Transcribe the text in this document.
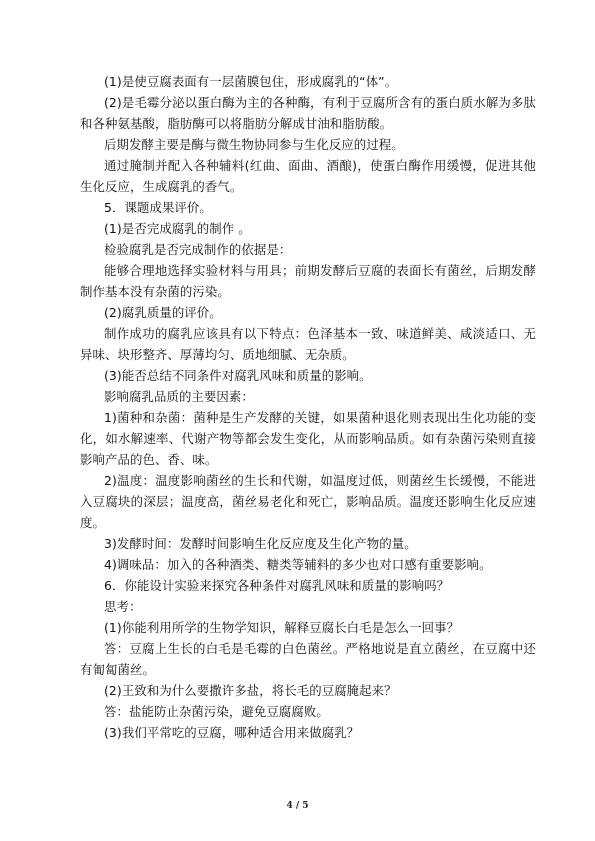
(1)是使豆腐表面有一层菌膜包住，形成腐乳的“体”。

(2)是毛霉分泌以蛋白酶为主的各种酶，有利于豆腐所含有的蛋白质水解为多肽和各种氨基酸，脂肪酶可以将脂肪分解成甘油和脂肪酸。

后期发酵主要是酶与微生物协同参与生化反应的过程。

通过腌制并配入各种辅料(红曲、面曲、酒酿)，使蛋白酶作用缓慢，促进其他生化反应，生成腐乳的香气。

5．课题成果评价。

(1)是否完成腐乳的制作 。

检验腐乳是否完成制作的依据是：

能够合理地选择实验材料与用具；前期发酵后豆腐的表面长有菌丝，后期发酵制作基本没有杂菌的污染。

(2)腐乳质量的评价。

制作成功的腐乳应该具有以下特点：色泽基本一致、味道鲜美、咸淡适口、无异味、块形整齐、厚薄均匀、质地细腻、无杂质。

(3)能否总结不同条件对腐乳风味和质量的影响。

影响腐乳品质的主要因素：

1)菌种和杂菌：菌种是生产发酵的关键，如果菌种退化则表现出生化功能的变化，如水解速率、代谢产物等都会发生变化，从而影响品质。如有杂菌污染则直接影响产品的色、香、味。

2)温度：温度影响菌丝的生长和代谢，如温度过低，则菌丝生长缓慢，不能进入豆腐块的深层；温度高，菌丝易老化和死亡，影响品质。温度还影响生化反应速度。

3)发酵时间：发酵时间影响生化反应度及生化产物的量。

4)调味品：加入的各种酒类、糖类等辅料的多少也对口感有重要影响。

6．你能设计实验来探究各种条件对腐乳风味和质量的影响吗？

思考：

(1)你能利用所学的生物学知识，解释豆腐长白毛是怎么一回事？

答：豆腐上生长的白毛是毛霉的白色菌丝。严格地说是直立菌丝，在豆腐中还有匍匐菌丝。

(2)王致和为什么要撒许多盐，将长毛的豆腐腌起来？

答：盐能防止杂菌污染，避免豆腐腐败。

(3)我们平常吃的豆腐，哪种适合用来做腐乳？

4 / 5
